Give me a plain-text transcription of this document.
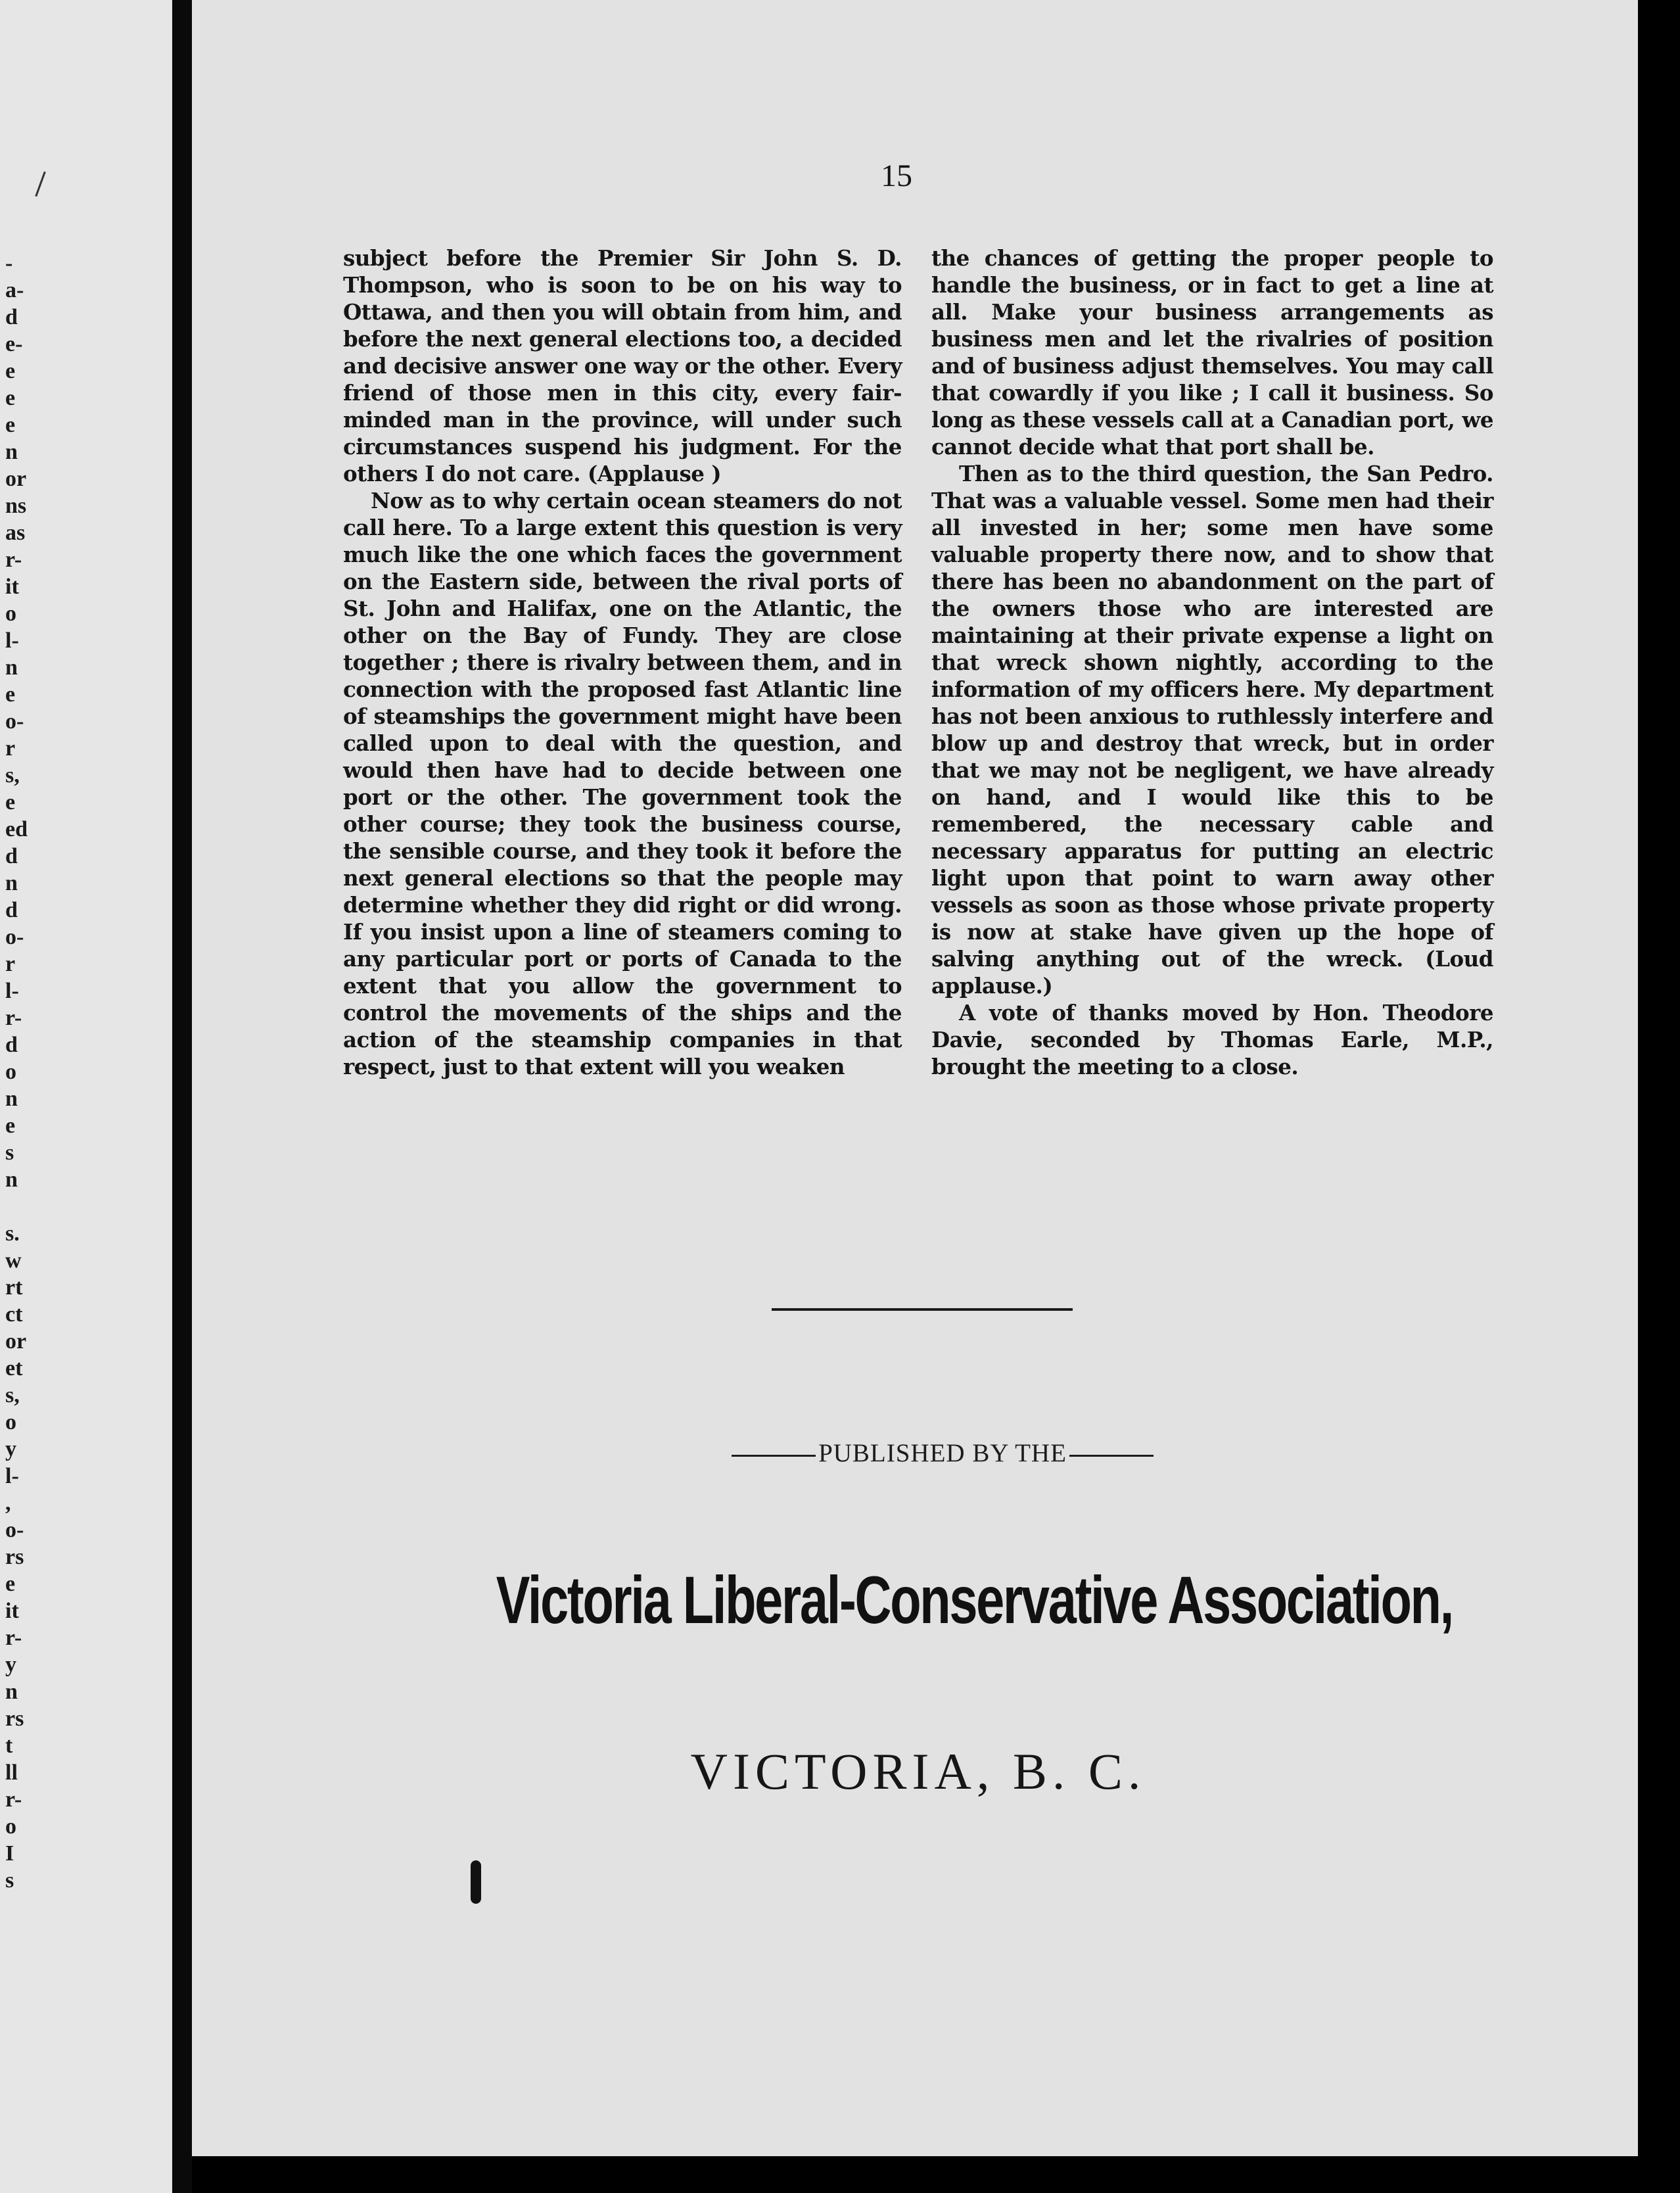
-
a-
d
e-
e
e
e
n
or
ns
as
r-
it
o
l-
n
e
o-
r
s,
e
ed
d
n
d
o-
r
l-
r-
d
o
n
e
s
n
s.
w
rt
ct
or
et
s,
o
y
l-
,
o-
rs
e
it
r-
y
n
rs
t
ll
r-
o
I
s
15

subject before the Premier Sir John S. D. Thompson, who is soon to be on his way to Ottawa, and then you will obtain from him, and before the next general elections too, a decided and decisive answer one way or the other. Every friend of those men in this city, every fair-minded man in the province, will under such circumstances suspend his judgment. For the others I do not care. (Applause )

Now as to why certain ocean steamers do not call here. To a large extent this question is very much like the one which faces the government on the Eastern side, between the rival ports of St. John and Halifax, one on the Atlantic, the other on the Bay of Fundy. They are close together ; there is rivalry between them, and in connection with the proposed fast Atlantic line of steamships the government might have been called upon to deal with the question, and would then have had to decide between one port or the other. The government took the other course; they took the business course, the sensible course, and they took it before the next general elections so that the people may determine whether they did right or did wrong. If you insist upon a line of steamers coming to any particular port or ports of Canada to the extent that you allow the government to control the movements of the ships and the action of the steamship companies in that respect, just to that extent will you weaken

the chances of getting the proper people to handle the business, or in fact to get a line at all. Make your business arrangements as business men and let the rivalries of position and of business adjust themselves. You may call that cowardly if you like ; I call it business. So long as these vessels call at a Canadian port, we cannot decide what that port shall be.

Then as to the third question, the San Pedro. That was a valuable vessel. Some men had their all invested in her; some men have some valuable property there now, and to show that there has been no abandonment on the part of the owners those who are interested are maintaining at their private expense a light on that wreck shown nightly, according to the information of my officers here. My department has not been anxious to ruthlessly interfere and blow up and destroy that wreck, but in order that we may not be negligent, we have already on hand, and I would like this to be remembered, the necessary cable and necessary apparatus for putting an electric light upon that point to warn away other vessels as soon as those whose private property is now at stake have given up the hope of salving anything out of the wreck. (Loud applause.)

A vote of thanks moved by Hon. Theodore Davie, seconded by Thomas Earle, M.P., brought the meeting to a close.

PUBLISHED BY THE
Victoria Liberal-Conservative Association,
VICTORIA, B. C.
